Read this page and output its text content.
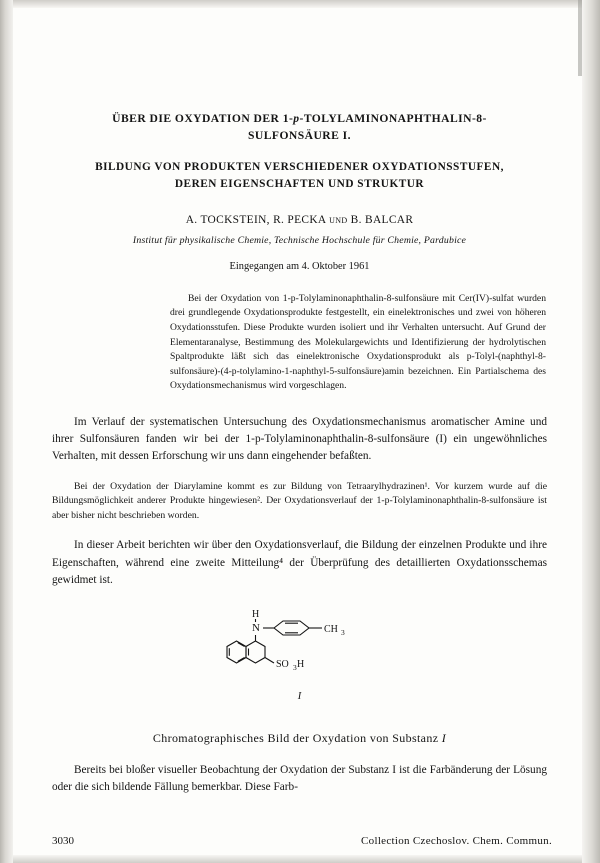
ÜBER DIE OXYDATION DER 1-p-TOLYLAMINONAPHTHALIN-8-
SULFONSÄURE I.
BILDUNG VON PRODUKTEN VERSCHIEDENER OXYDATIONSSTUFEN,
DEREN EIGENSCHAFTEN UND STRUKTUR
A. TOCKSTEIN, R. PECKA und B. BALCAR
Institut für physikalische Chemie, Technische Hochschule für Chemie, Pardubice
Eingegangen am 4. Oktober 1961

Bei der Oxydation von 1-p-Tolylaminonaphthalin-8-sulfonsäure mit Cer(IV)-sulfat wurden drei grundlegende Oxydationsprodukte festgestellt, ein einelektronisches und zwei von höheren Oxydationsstufen. Diese Produkte wurden isoliert und ihr Verhalten untersucht. Auf Grund der Elementaranalyse, Bestimmung des Molekulargewichts und Identifizierung der hydrolytischen Spaltprodukte läßt sich das einelektronische Oxydationsprodukt als p-Tolyl-(naphthyl-8-sulfonsäure)-(4-p-tolylamino-1-naphthyl-5-sulfonsäure)amin bezeichnen. Ein Partialschema des Oxydationsmechanismus wird vorgeschlagen.

Im Verlauf der systematischen Untersuchung des Oxydationsmechanismus aromatischer Amine und ihrer Sulfonsäuren fanden wir bei der 1-p-Tolylaminonaphthalin-8-sulfonsäure (I) ein ungewöhnliches Verhalten, mit dessen Erforschung wir uns dann eingehender befaßten.

Bei der Oxydation der Diarylamine kommt es zur Bildung von Tetraarylhydrazinen¹. Vor kurzem wurde auf die Bildungsmöglichkeit anderer Produkte hingewiesen². Der Oxydationsverlauf der 1-p-Tolylaminonaphthalin-8-sulfonsäure ist aber bisher nicht beschrieben worden.

In dieser Arbeit berichten wir über den Oxydationsverlauf, die Bildung der einzelnen Produkte und ihre Eigenschaften, während eine zweite Mitteilung⁴ der Überprüfung des detaillierten Oxydationsschemas gewidmet ist.

H
N	CH 3
SO 3 H
I
Chromatographisches Bild der Oxydation von Substanz I

Bereits bei bloßer visueller Beobachtung der Oxydation der Substanz I ist die Farbänderung der Lösung oder die sich bildende Fällung bemerkbar. Diese Farb-

3030	Collection Czechoslov. Chem. Commun.
